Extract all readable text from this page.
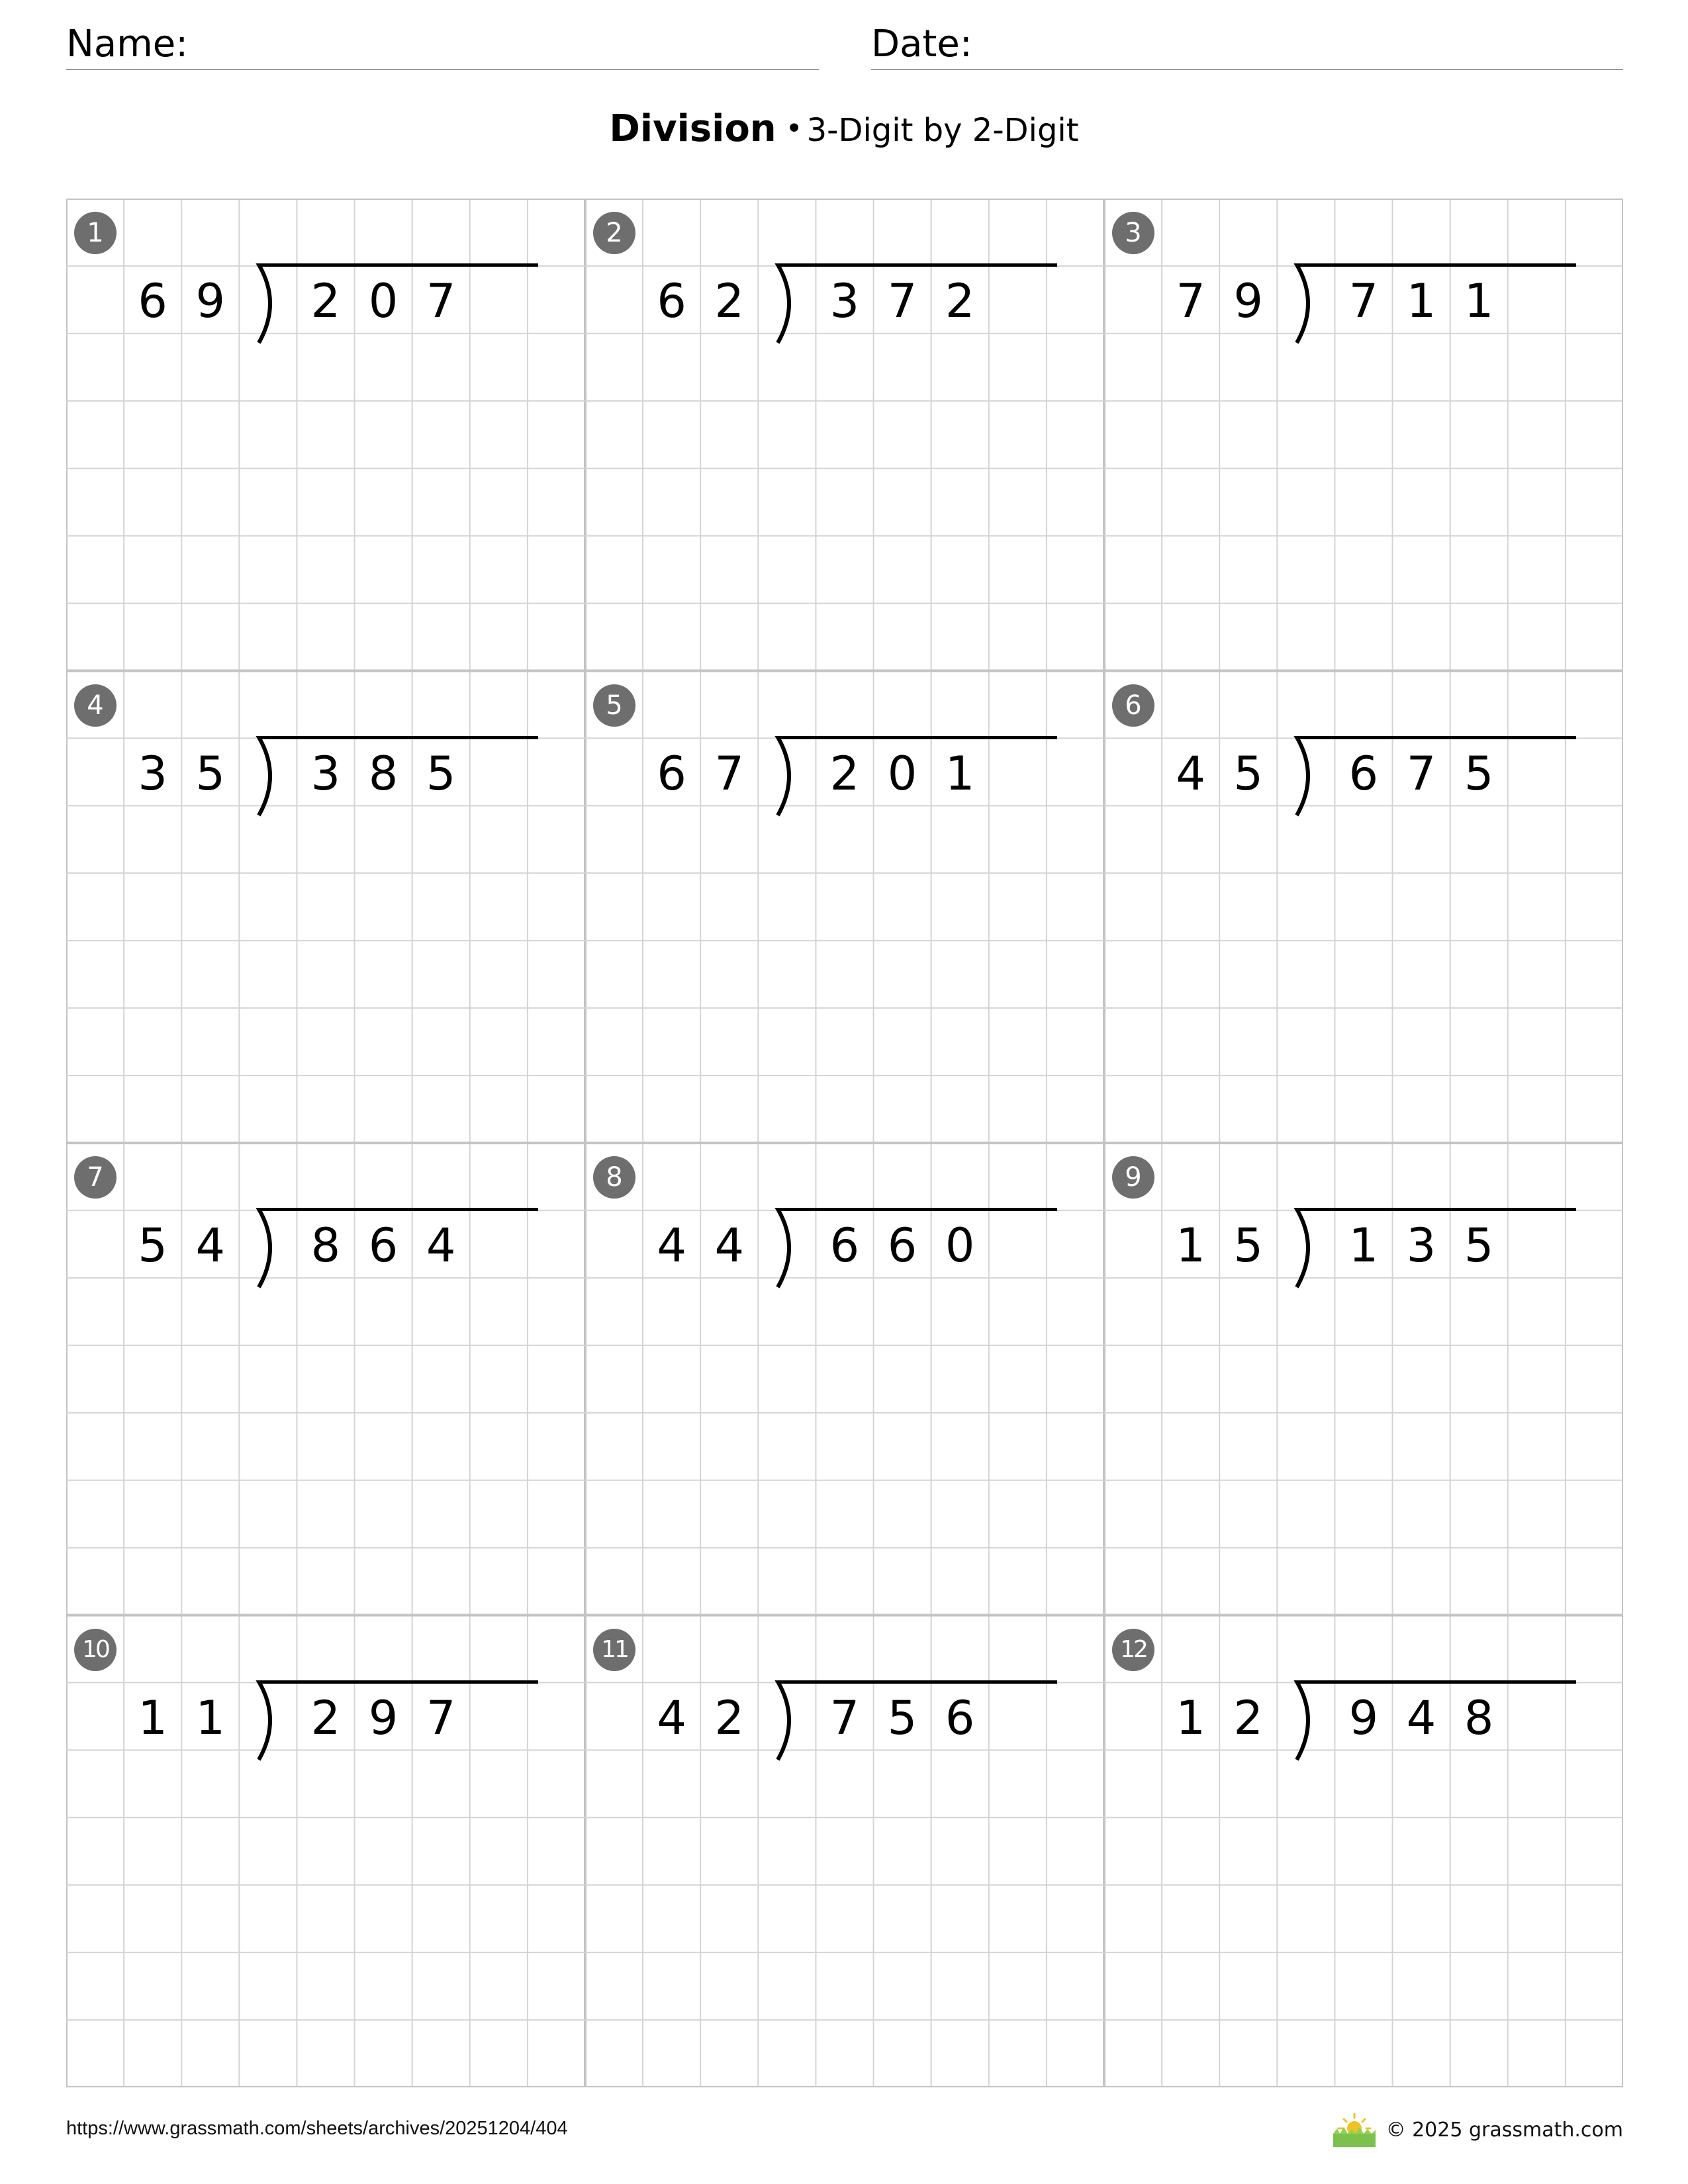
Name:	Date:
Division • 3-Digit by 2-Digit
1
6 9	2 0 7
2
6 2	3 7 2
3
7 9	7 1 1
4
3 5	3 8 5
5
6 7	2 0 1
6
4 5	6 7 5
7
5 4	8 6 4
8
4 4	6 6 0
9
1 5	1 3 5
10
1 1	2 9 7
11
4 2	7 5 6
12
1 2	9 4 8
https://www.grassmath.com/sheets/archives/20251204/404	© 2025 grassmath.com
